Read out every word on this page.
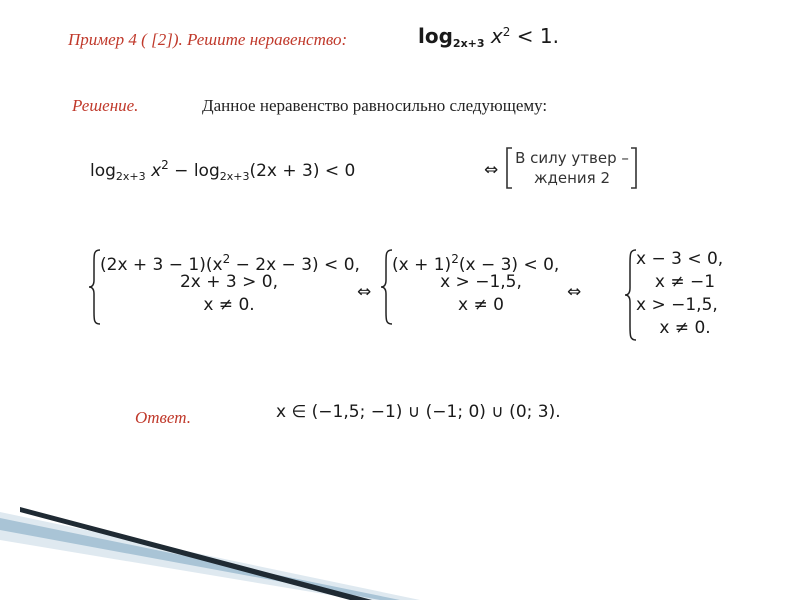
Пример 4 ( [2]). Решите неравенство:	$\log_{2x+3} x^2 < 1$.
Решение.	Данное неравенство равносильно следующему:
$\log_{2x+3} x^2 - \log_{2x+3}(2x + 3) < 0$	⇔
В силу утвер –
ждения 2
$(2x + 3 - 1)(x^2 - 2x - 3) < 0$,
2x + 3 > 0,
x ≠ 0.
⇔
$(x + 1)^2(x - 3) < 0$,
x > −1,5,
x ≠ 0
⇔
x − 3 < 0,
x ≠ −1
x > −1,5,
x ≠ 0.
Ответ.	x ∈ (−1,5; −1) ∪ (−1; 0) ∪ (0; 3).
